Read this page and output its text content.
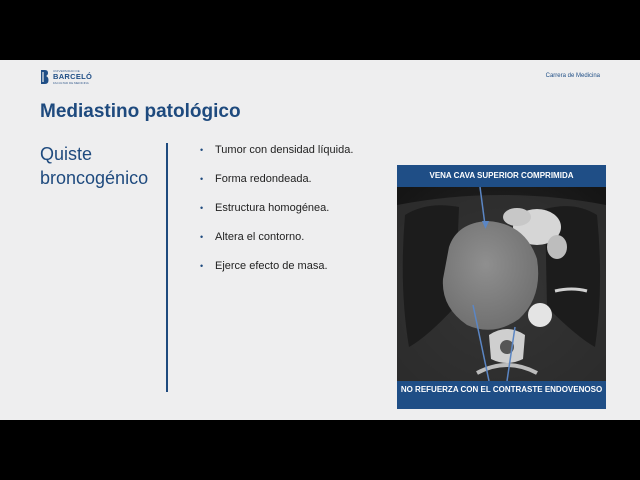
UNIVERSIDAD DE
BARCELÓ
FACULTAD DE MEDICINA
Carrera de Medicina
Mediastino patológico
Quiste broncogénico
• Tumor con densidad líquida.
• Forma redondeada.
• Estructura homogénea.
• Altera el contorno.
• Ejerce efecto de masa.
VENA CAVA SUPERIOR COMPRIMIDA
NO REFUERZA CON EL CONTRASTE ENDOVENOSO
